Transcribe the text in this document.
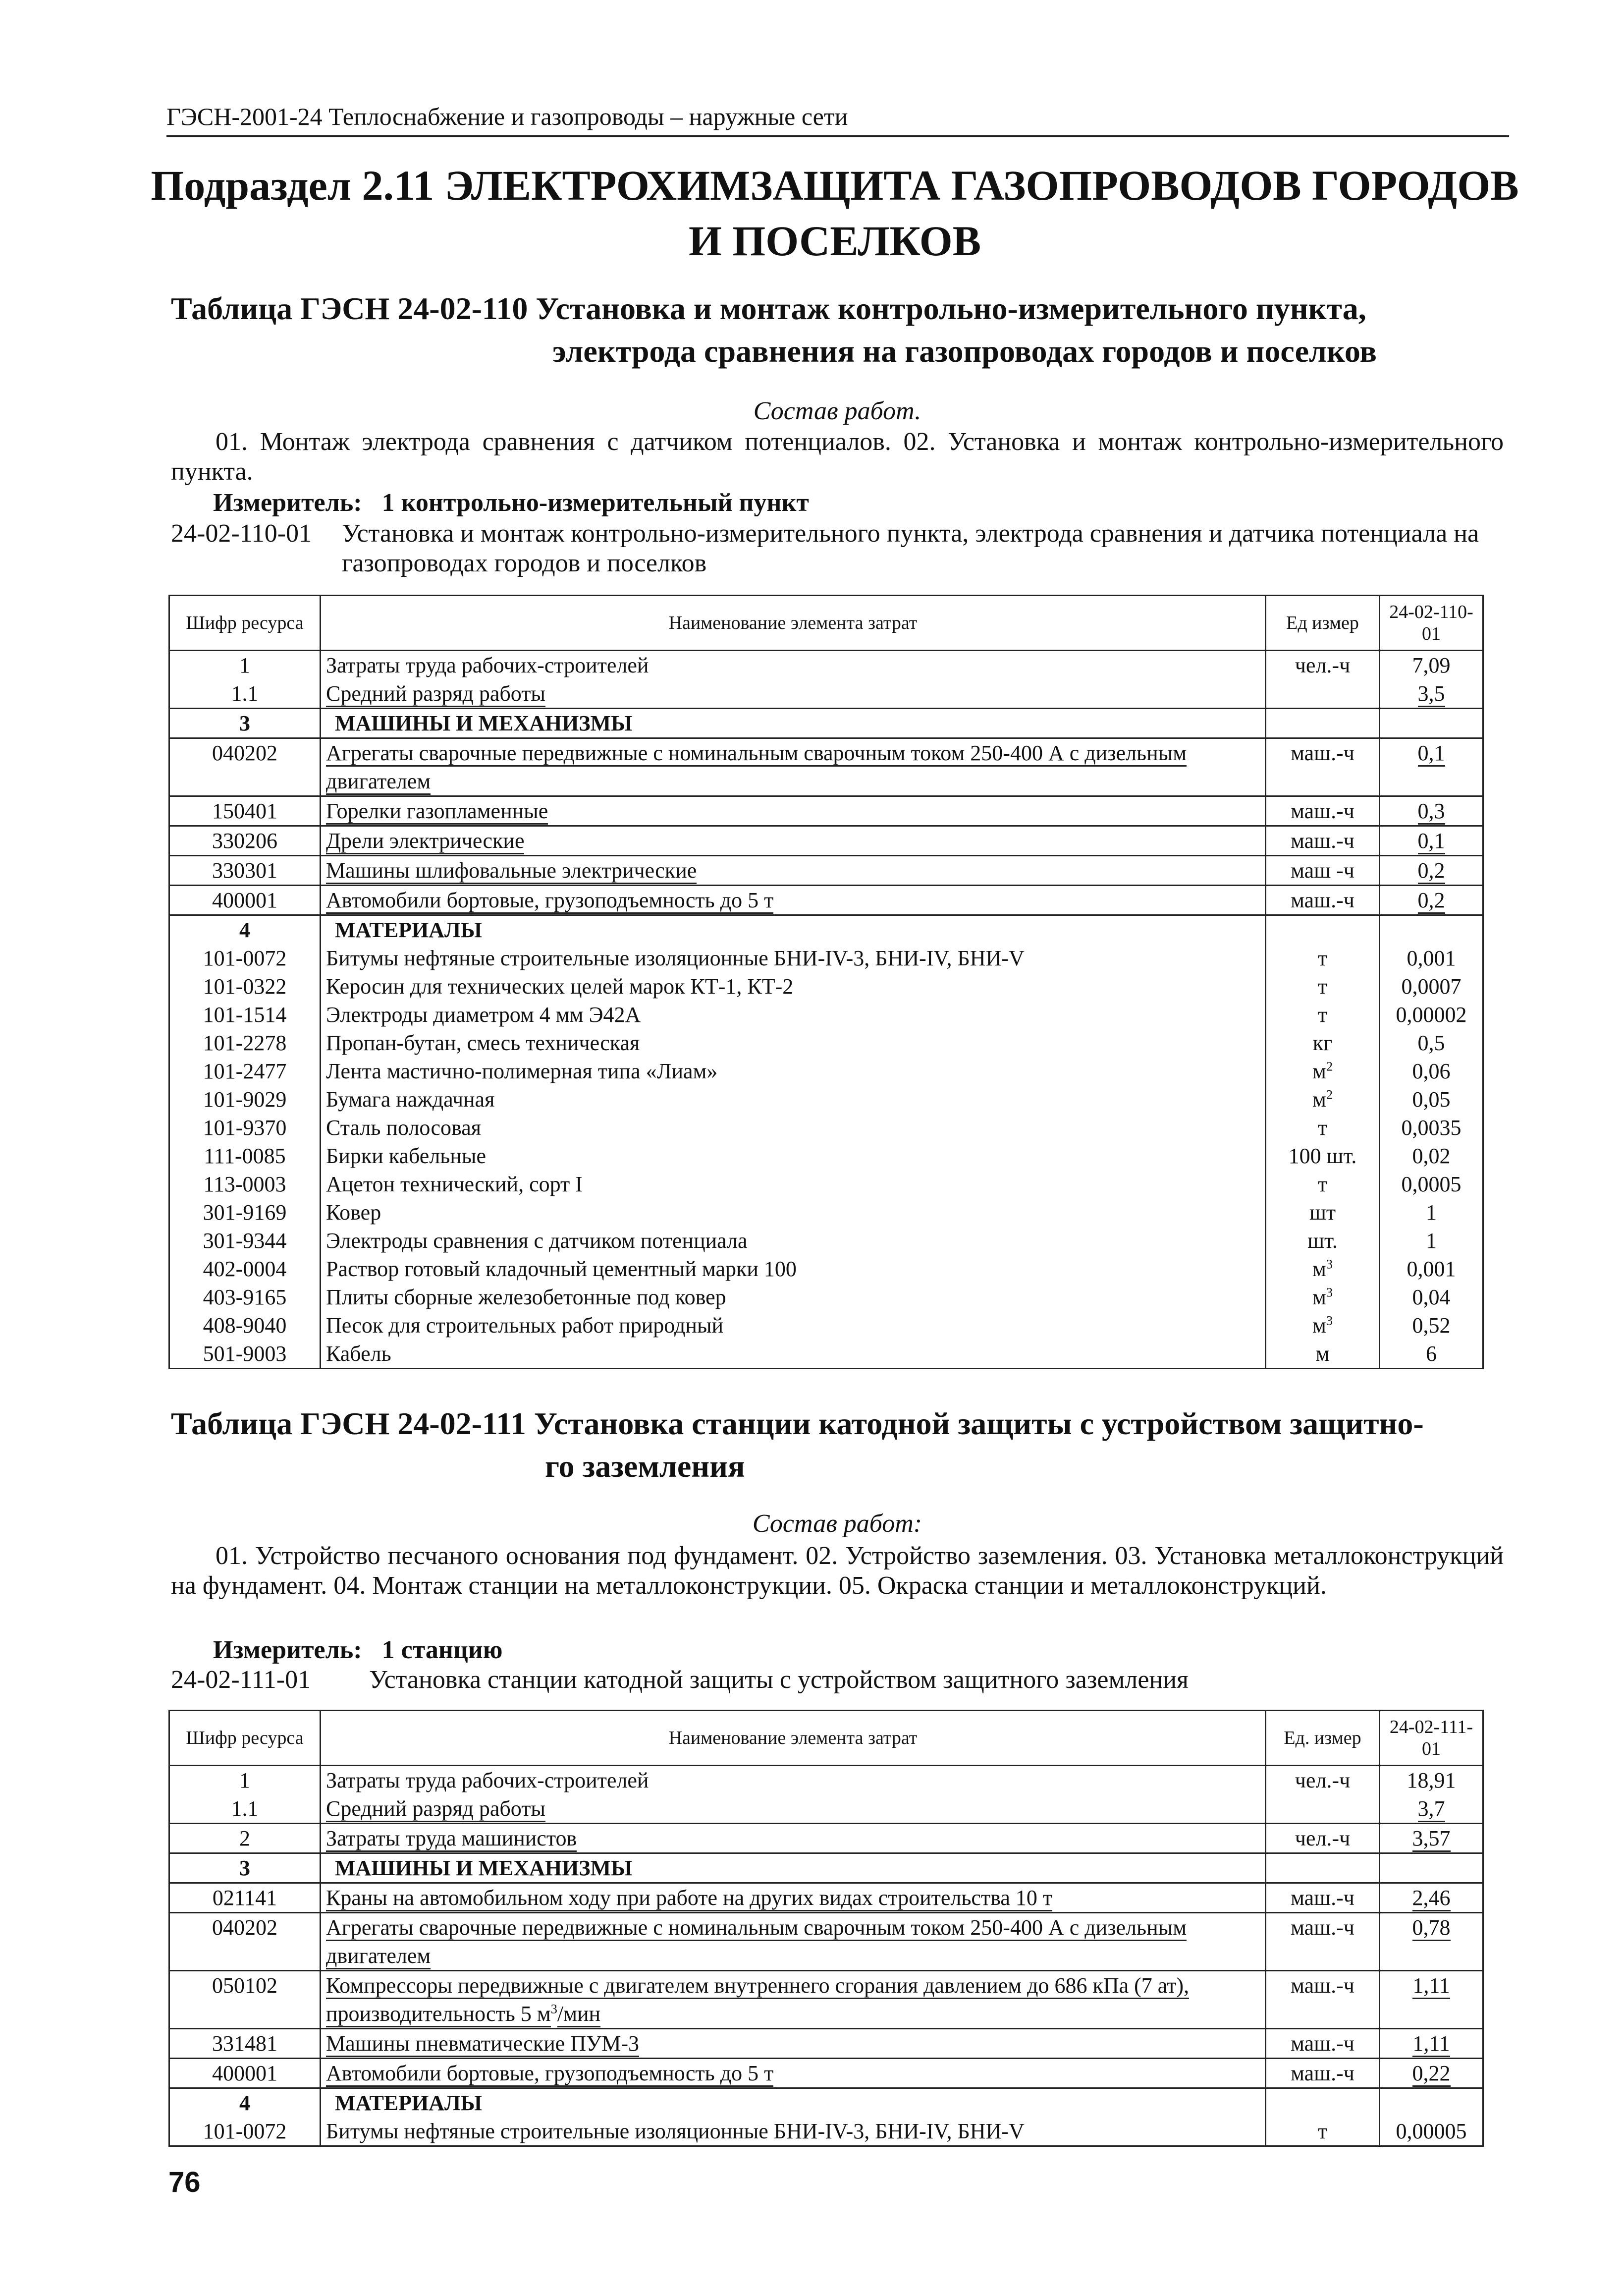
ГЭСН-2001-24 Теплоснабжение и газопроводы – наружные сети
Подраздел 2.11 ЭЛЕКТРОХИМЗАЩИТА ГАЗОПРОВОДОВ ГОРОДОВ И ПОСЕЛКОВ
Таблица ГЭСН 24-02-110 Установка и монтаж контрольно-измерительного пункта,
электрода сравнения на газопроводах городов и поселков
Состав работ.
01. Монтаж электрода сравнения с датчиком потенциалов. 02. Установка и монтаж контрольно-измерительного пункта.
Измеритель: 1 контрольно-измерительный пункт
24-02-110-01	Установка и монтаж контрольно-измерительного пункта, электрода сравнения и датчика потенциала на газопроводах городов и поселков
Шифр ресурса	Наименование элемента затрат	Ед измер	24-02-110-01
1	Затраты труда рабочих-строителей	чел.-ч	7,09
1.1	Средний разряд работы		3,5
3	МАШИНЫ И МЕХАНИЗМЫ		
040202	Агрегаты сварочные передвижные с номинальным сварочным током 250-400 А с дизельным двигателем	маш.-ч	0,1
150401	Горелки газопламенные	маш.-ч	0,3
330206	Дрели электрические	маш.-ч	0,1
330301	Машины шлифовальные электрические	маш -ч	0,2
400001	Автомобили бортовые, грузоподъемность до 5 т	маш.-ч	0,2
4	МАТЕРИАЛЫ		
101-0072	Битумы нефтяные строительные изоляционные БНИ-IV-3, БНИ-IV, БНИ-V	т	0,001
101-0322	Керосин для технических целей марок КТ-1, КТ-2	т	0,0007
101-1514	Электроды диаметром 4 мм Э42А	т	0,00002
101-2278	Пропан-бутан, смесь техническая	кг	0,5
101-2477	Лента мастично-полимерная типа «Лиам»	$м^2$	0,06
101-9029	Бумага наждачная	$м^2$	0,05
101-9370	Сталь полосовая	т	0,0035
111-0085	Бирки кабельные	100 шт.	0,02
113-0003	Ацетон технический, сорт I	т	0,0005
301-9169	Ковер	шт	1
301-9344	Электроды сравнения с датчиком потенциала	шт.	1
402-0004	Раствор готовый кладочный цементный марки 100	$м^3$	0,001
403-9165	Плиты сборные железобетонные под ковер	$м^3$	0,04
408-9040	Песок для строительных работ природный	$м^3$	0,52
501-9003	Кабель	м	6
Таблица ГЭСН 24-02-111 Установка станции катодной защиты с устройством защитно-
го заземления
Состав работ:
01. Устройство песчаного основания под фундамент. 02. Устройство заземления. 03. Установка металлоконструкций на фундамент. 04. Монтаж станции на металлоконструкции. 05. Окраска станции и металлоконструкций.
Измеритель: 1 станцию
24-02-111-01	Установка станции катодной защиты с устройством защитного заземления
Шифр ресурса	Наименование элемента затрат	Ед. измер	24-02-111-01
1	Затраты труда рабочих-строителей	чел.-ч	18,91
1.1	Средний разряд работы		3,7
2	Затраты труда машинистов	чел.-ч	3,57
3	МАШИНЫ И МЕХАНИЗМЫ		
021141	Краны на автомобильном ходу при работе на других видах строительства 10 т	маш.-ч	2,46
040202	Агрегаты сварочные передвижные с номинальным сварочным током 250-400 А с дизельным двигателем	маш.-ч	0,78
050102	Компрессоры передвижные с двигателем внутреннего сгорания давлением до 686 кПа (7 ат), производительность 5 $м^3$/мин	маш.-ч	1,11
331481	Машины пневматические ПУМ-3	маш.-ч	1,11
400001	Автомобили бортовые, грузоподъемность до 5 т	маш.-ч	0,22
4	МАТЕРИАЛЫ		
101-0072	Битумы нефтяные строительные изоляционные БНИ-IV-3, БНИ-IV, БНИ-V	т	0,00005
76
